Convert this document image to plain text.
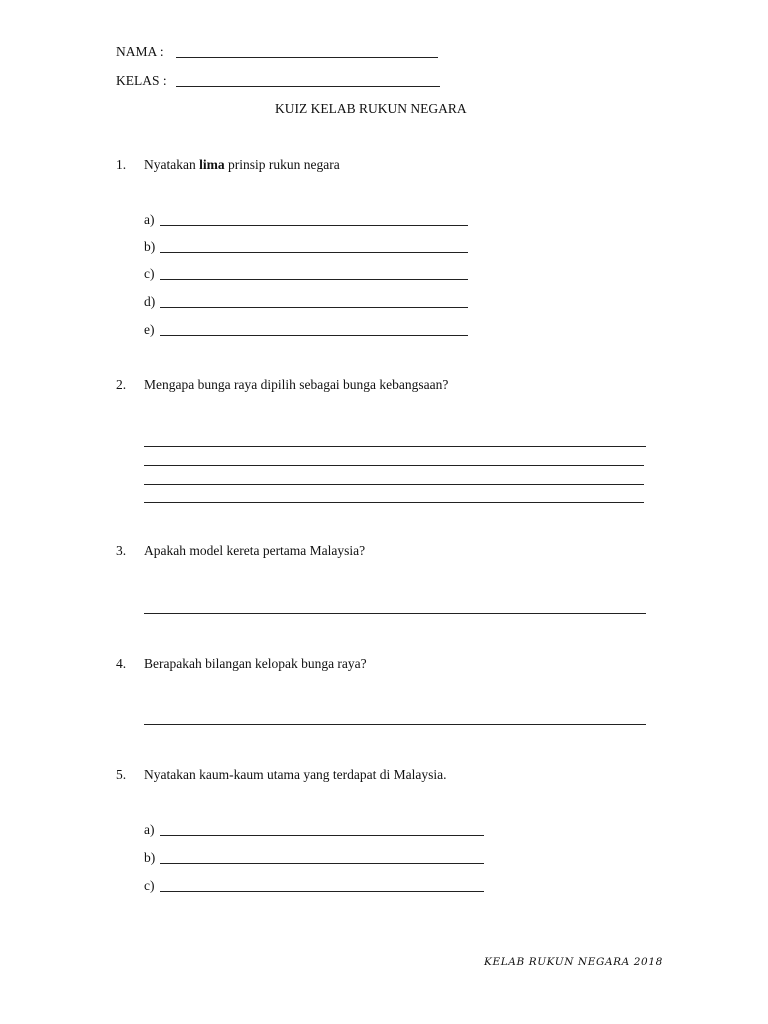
NAMA :
KELAS :
KUIZ KELAB RUKUN NEGARA
1. Nyatakan lima prinsip rukun negara
a)
b)
c)
d)
e)
2. Mengapa bunga raya dipilih sebagai bunga kebangsaan?
3. Apakah model kereta pertama Malaysia?
4. Berapakah bilangan kelopak bunga raya?
5. Nyatakan kaum-kaum utama yang terdapat di Malaysia.
a)
b)
c)
KELAB RUKUN NEGARA 2018
